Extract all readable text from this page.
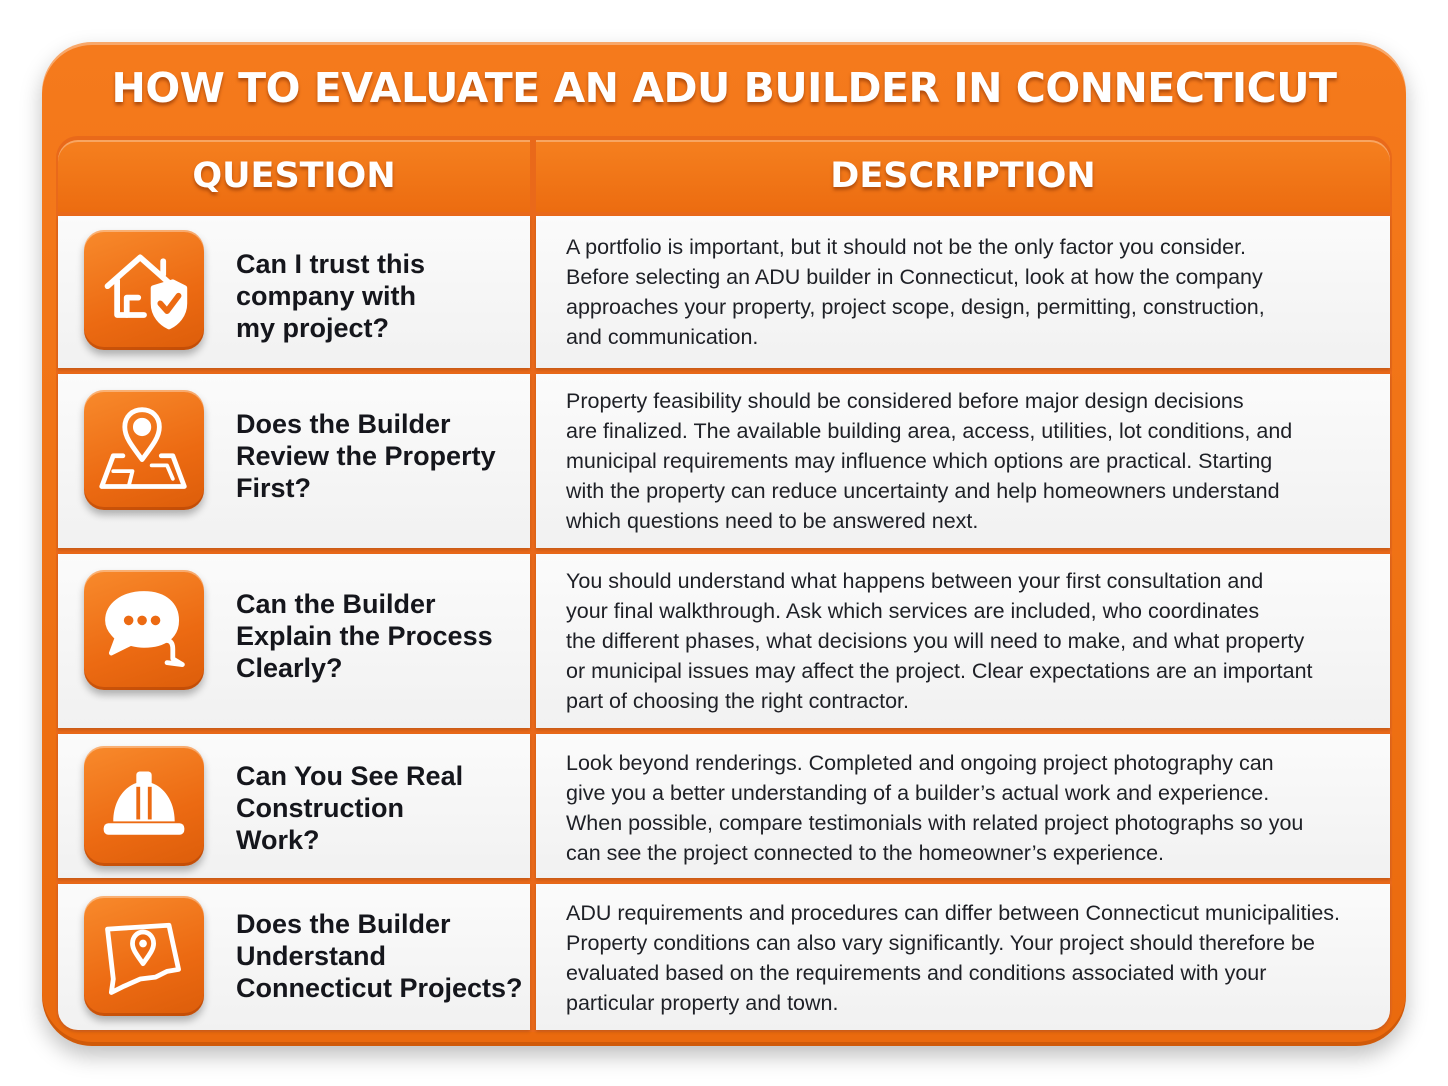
HOW TO EVALUATE AN ADU BUILDER IN CONNECTICUT
QUESTION	DESCRIPTION
Can I trust this
company with
my project?
A portfolio is important, but it should not be the only factor you consider.
Before selecting an ADU builder in Connecticut, look at how the company
approaches your property, project scope, design, permitting, construction,
and communication.
Does the Builder
Review the Property
First?
Property feasibility should be considered before major design decisions
are finalized. The available building area, access, utilities, lot conditions, and
municipal requirements may influence which options are practical. Starting
with the property can reduce uncertainty and help homeowners understand
which questions need to be answered next.
Can the Builder
Explain the Process
Clearly?
You should understand what happens between your first consultation and
your final walkthrough. Ask which services are included, who coordinates
the different phases, what decisions you will need to make, and what property
or municipal issues may affect the project. Clear expectations are an important
part of choosing the right contractor.
Can You See Real
Construction
Work?
Look beyond renderings. Completed and ongoing project photography can
give you a better understanding of a builder’s actual work and experience.
When possible, compare testimonials with related project photographs so you
can see the project connected to the homeowner’s experience.
Does the Builder
Understand
Connecticut Projects?
ADU requirements and procedures can differ between Connecticut municipalities.
Property conditions can also vary significantly. Your project should therefore be
evaluated based on the requirements and conditions associated with your
particular property and town.
